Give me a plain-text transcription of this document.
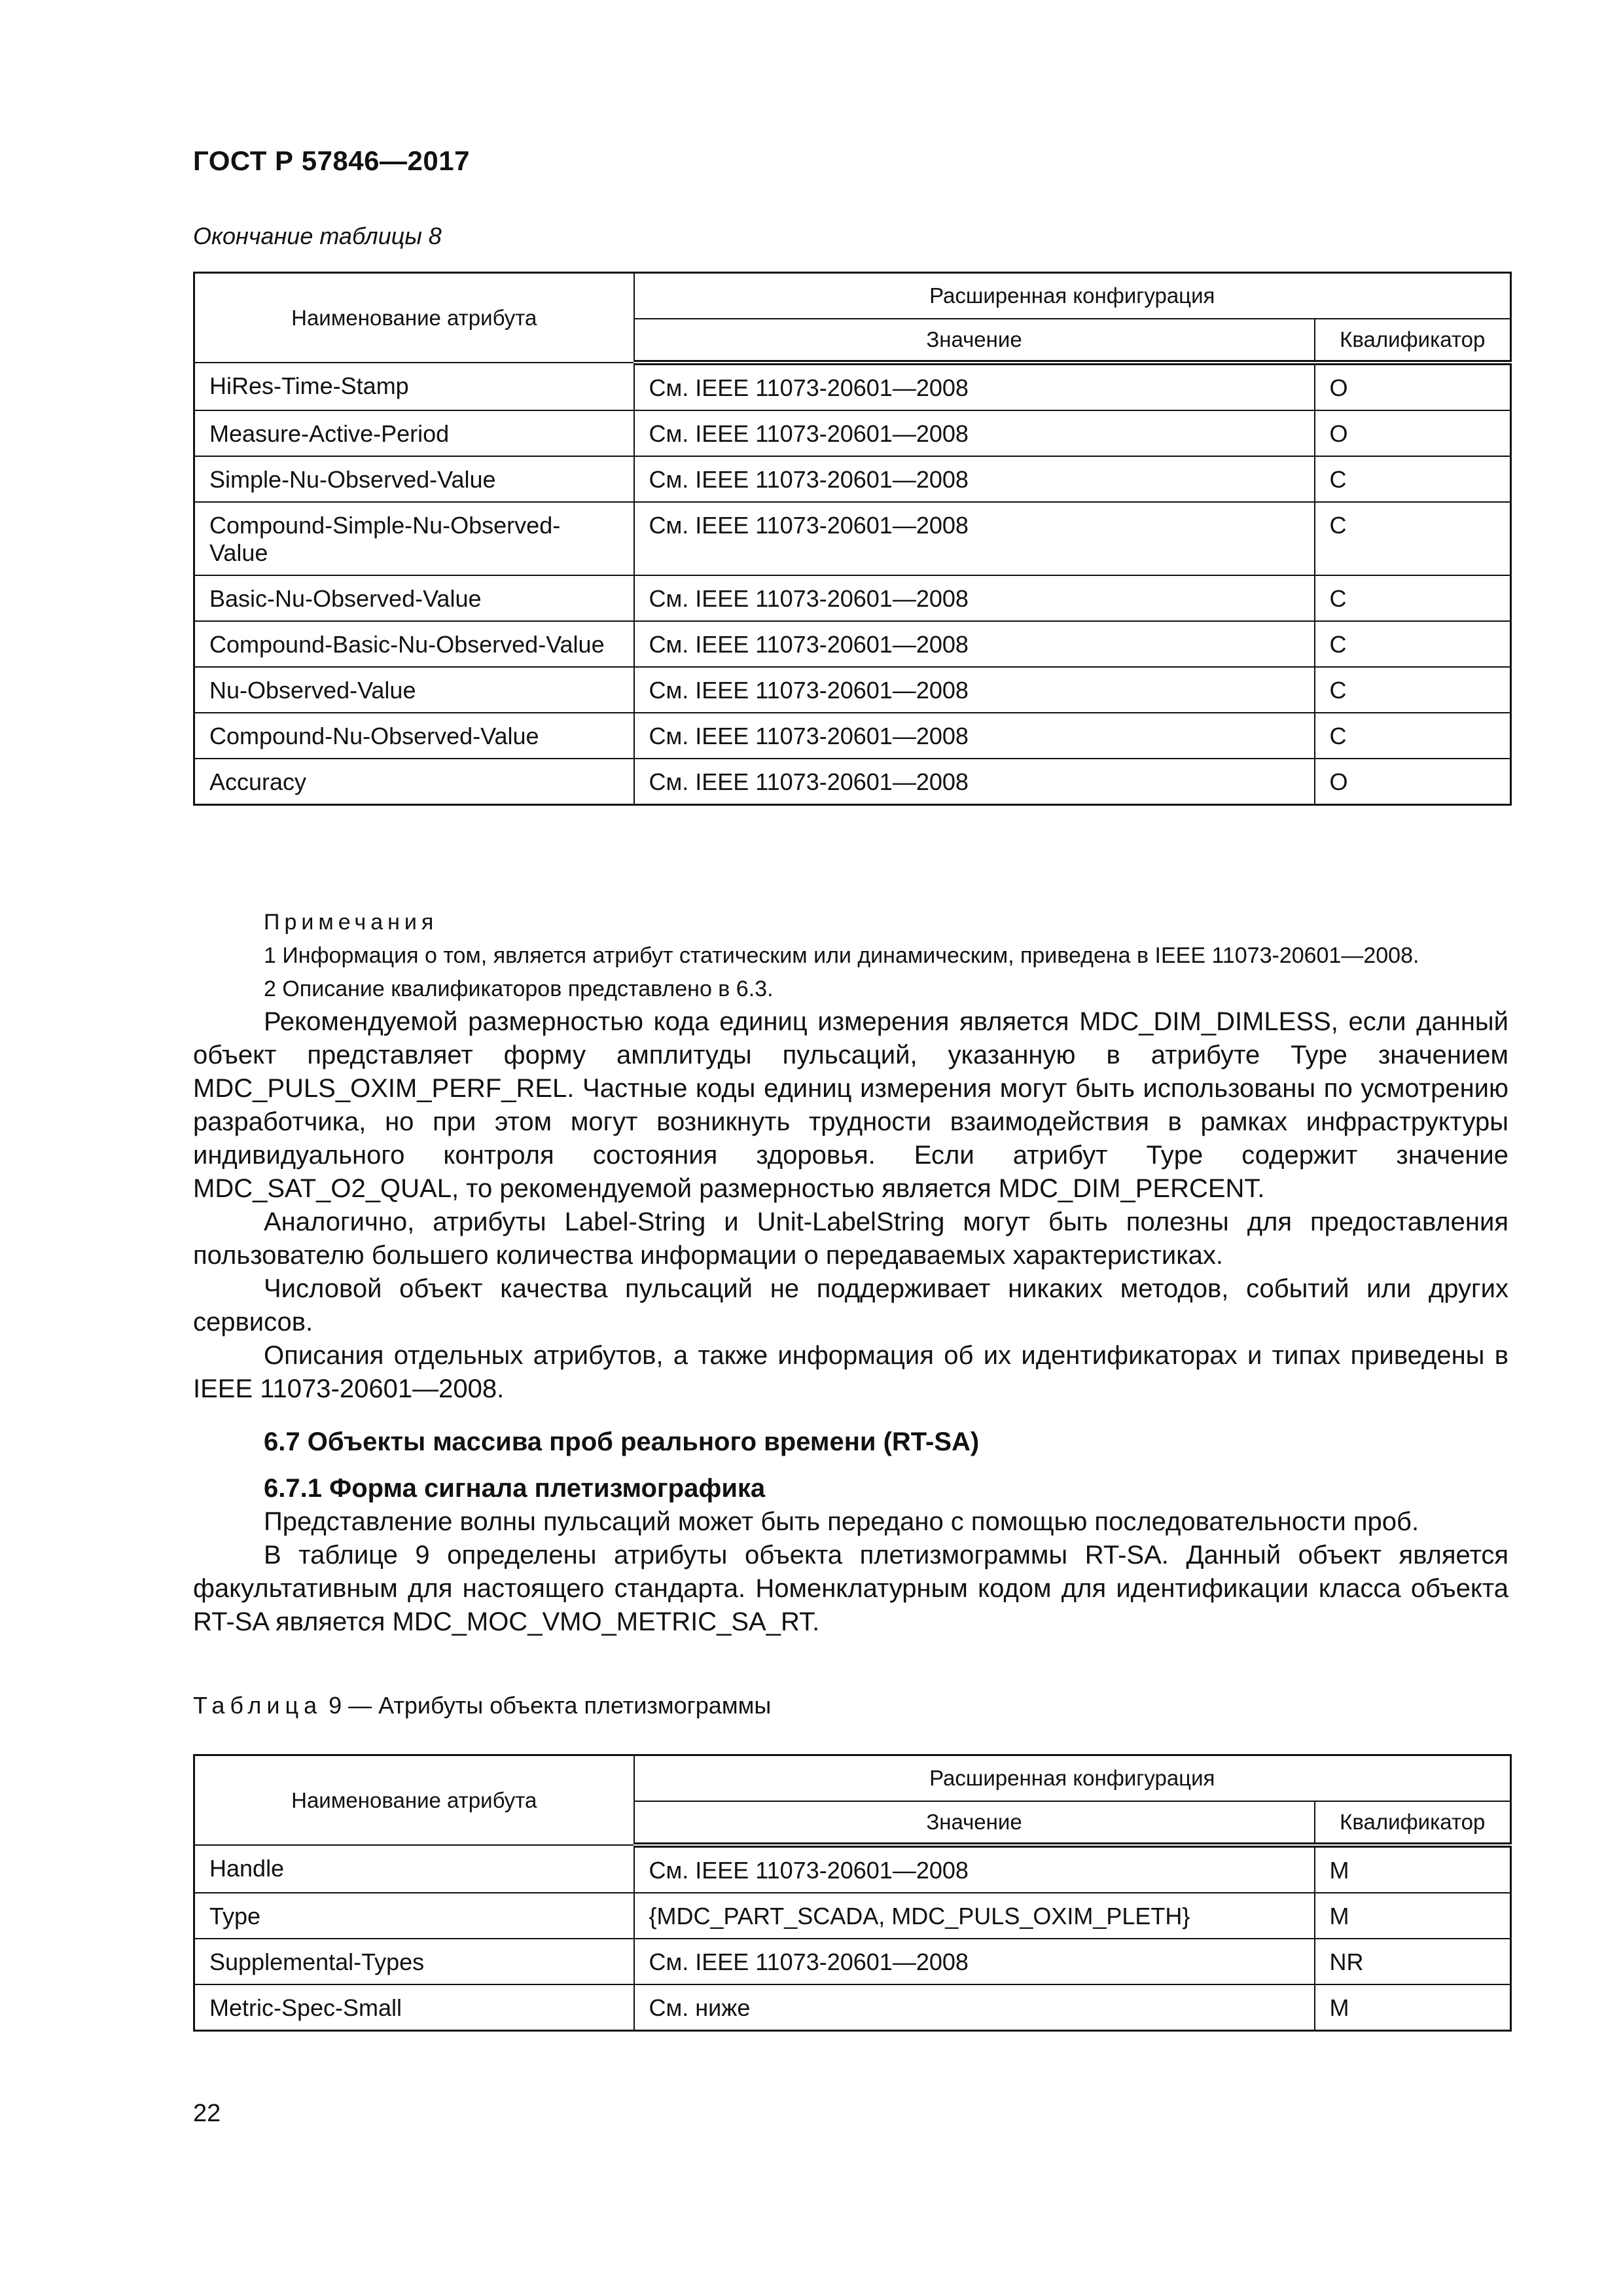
ГОСТ Р 57846—2017
Окончание таблицы 8
Наименование атрибута	Расширенная конфигурация	
	Значение	Квалификатор
HiRes-Time-Stamp	См. IEEE 11073-20601—2008	O
Measure-Active-Period	См. IEEE 11073-20601—2008	O
Simple-Nu-Observed-Value	См. IEEE 11073-20601—2008	C
Compound-Simple-Nu-Observed-Value	См. IEEE 11073-20601—2008	C
Basic-Nu-Observed-Value	См. IEEE 11073-20601—2008	C
Compound-Basic-Nu-Observed-Value	См. IEEE 11073-20601—2008	C
Nu-Observed-Value	См. IEEE 11073-20601—2008	C
Compound-Nu-Observed-Value	См. IEEE 11073-20601—2008	C
Accuracy	См. IEEE 11073-20601—2008	O
Примечания
1 Информация о том, является атрибут статическим или динамическим, приведена в IEEE 11073-20601—2008.
2 Описание квалификаторов представлено в 6.3.

Рекомендуемой размерностью кода единиц измерения является MDC_DIM_DIMLESS, если данный объект представляет форму амплитуды пульсаций, указанную в атрибуте Type значением MDC_PULS_OXIM_PERF_REL. Частные коды единиц измерения могут быть использованы по усмотрению разработчика, но при этом могут возникнуть трудности взаимодействия в рамках инфраструктуры индивидуального контроля состояния здоровья. Если атрибут Type содержит значение MDC_SAT_O2_QUAL, то рекомендуемой размерностью является MDC_DIM_PERCENT.

Аналогично, атрибуты Label-String и Unit-LabelString могут быть полезны для предоставления пользователю большего количества информации о передаваемых характеристиках.

Числовой объект качества пульсаций не поддерживает никаких методов, событий или других сервисов.

Описания отдельных атрибутов, а также информация об их идентификаторах и типах приведены в IEEE 11073-20601—2008.

6.7 Объекты массива проб реального времени (RT-SA)
6.7.1 Форма сигнала плетизмографика

Представление волны пульсаций может быть передано с помощью последовательности проб.

В таблице 9 определены атрибуты объекта плетизмограммы RT-SA. Данный объект является факультативным для настоящего стандарта. Номенклатурным кодом для идентификации класса объекта RT-SA является MDC_MOC_VMO_METRIC_SA_RT.

Таблица 9 — Атрибуты объекта плетизмограммы
Наименование атрибута	Расширенная конфигурация	
	Значение	Квалификатор
Handle	См. IEEE 11073-20601—2008	M
Type	{MDC_PART_SCADA, MDC_PULS_OXIM_PLETH}	M
Supplemental-Types	См. IEEE 11073-20601—2008	NR
Metric-Spec-Small	См. ниже	M
22
